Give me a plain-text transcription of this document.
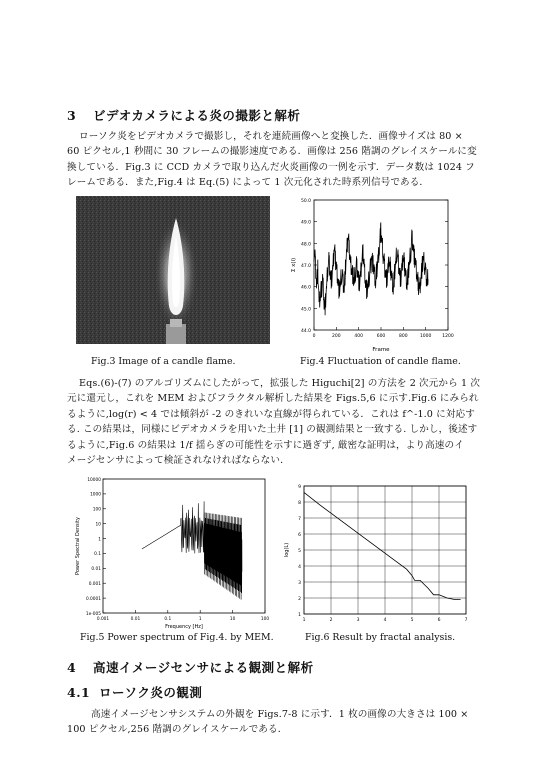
3 ビデオカメラによる炎の撮影と解析
ローソク炎をビデオカメラで撮影し，それを連続画像へと変換した．画像サイズは 80 ×
60 ピクセル,1 秒間に 30 フレームの撮影速度である．画像は 256 階調のグレイスケールに変
換している．Fig.3 に CCD カメラで取り込んだ火炎画像の一例を示す．データ数は 1024 フ
レームである．また,Fig.4 は Eq.(5) によって 1 次元化された時系列信号である．
Fig.3 Image of a candle flame.
44.0
45.0
46.0
47.0
48.0
49.0
50.0
0	200	400	600	800	1000 1200
Σ x(i)
Frame
Fig.4 Fluctuation of candle flame.
Eqs.(6)-(7) のアルゴリズムにしたがって，拡張した Higuchi[2] の方法を 2 次元から 1 次
元に還元し，これを MEM およびフラクタル解析した結果を Figs.5,6 に示す.Fig.6 にみられ
るように,log(r) < 4 では傾斜が -2 のきれいな直線が得られている．これは f^-1.0 に対応す
る. この結果は，同様にビデオカメラを用いた土井 [1] の観測結果と一致する. しかし，後述す
るように,Fig.6 の結果は 1/f 揺らぎの可能性を示すに過ぎず, 厳密な証明は，より高速のイ
メージセンサによって検証されなければならない．
1e-005
0.0001
0.001
0.01
0.1
1
10
100
1000
10000
0.001	0.01	0.1	1	10	100
Power Spectral Density
Frequency [Hz]
Fig.5 Power spectrum of Fig.4. by MEM.
1
2
3
4
5
6
7
8
9
1	2	3	4	5	6	7
log(L)
Fig.6 Result by fractal analysis.
4 高速イメージセンサによる観測と解析
4.1 ローソク炎の観測
高速イメージセンサシステムの外観を Figs.7-8 に示す．1 枚の画像の大きさは 100 ×
100 ピクセル,256 階調のグレイスケールである．
